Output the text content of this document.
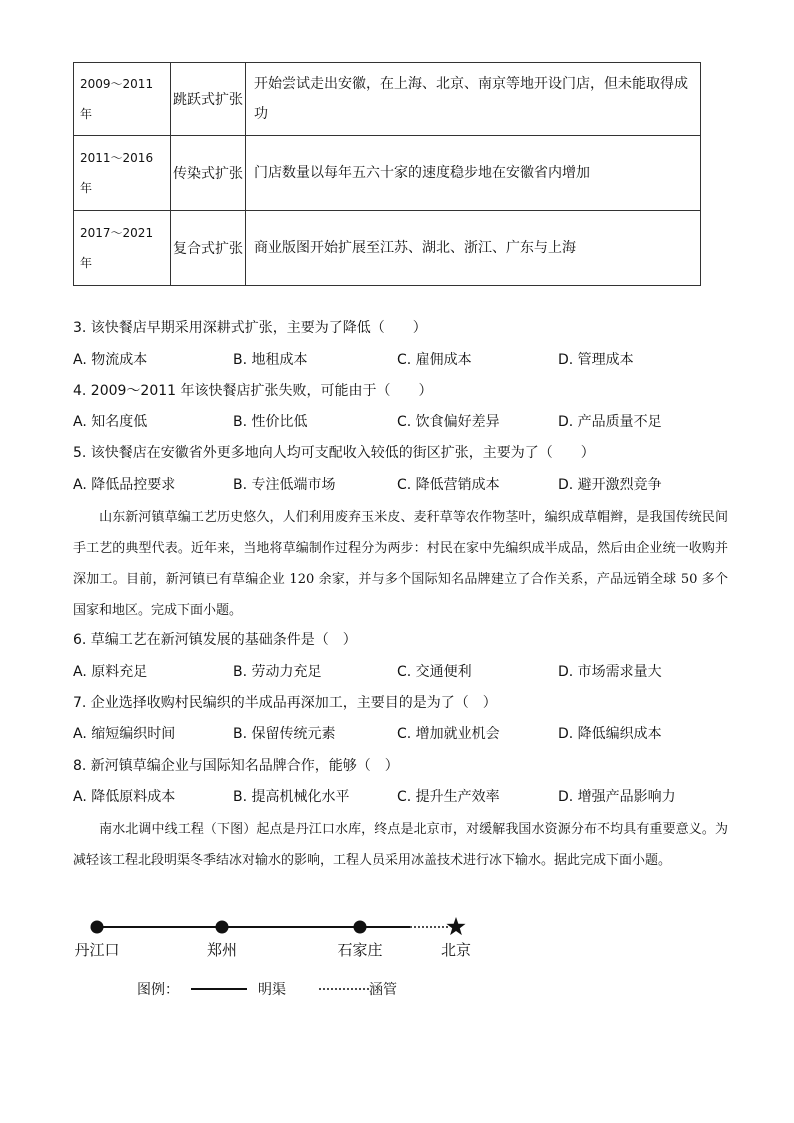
2009～2011年	跳跃式扩张	开始尝试走出安徽，在上海、北京、南京等地开设门店，但未能取得成功
2011～2016年	传染式扩张	门店数量以每年五六十家的速度稳步地在安徽省内增加
2017～2021年	复合式扩张	商业版图开始扩展至江苏、湖北、浙江、广东与上海
3. 该快餐店早期采用深耕式扩张，主要为了降低（　　）
A. 物流成本	B. 地租成本	C. 雇佣成本	D. 管理成本
4. 2009～2011 年该快餐店扩张失败，可能由于（　　）
A. 知名度低	B. 性价比低	C. 饮食偏好差异	D. 产品质量不足
5. 该快餐店在安徽省外更多地向人均可支配收入较低的街区扩张，主要为了（　　）
A. 降低品控要求	B. 专注低端市场	C. 降低营销成本	D. 避开激烈竞争
山东新河镇草编工艺历史悠久，人们利用废弃玉米皮、麦秆草等农作物茎叶，编织成草帽辫，是我国传统民间手工艺的典型代表。近年来，当地将草编制作过程分为两步：村民在家中先编织成半成品，然后由企业统一收购并深加工。目前，新河镇已有草编企业 120 余家，并与多个国际知名品牌建立了合作关系，产品远销全球 50 多个国家和地区。完成下面小题。
6. 草编工艺在新河镇发展的基础条件是（　）
A. 原料充足	B. 劳动力充足	C. 交通便利	D. 市场需求量大
7. 企业选择收购村民编织的半成品再深加工，主要目的是为了（　）
A. 缩短编织时间	B. 保留传统元素	C. 增加就业机会	D. 降低编织成本
8. 新河镇草编企业与国际知名品牌合作，能够（　）
A. 降低原料成本	B. 提高机械化水平	C. 提升生产效率	D. 增强产品影响力
南水北调中线工程（下图）起点是丹江口水库，终点是北京市，对缓解我国水资源分布不均具有重要意义。为减轻该工程北段明渠冬季结冰对输水的影响，工程人员采用冰盖技术进行冰下输水。据此完成下面小题。
丹江口	郑州	石家庄	北京
图例：	明渠	涵管
